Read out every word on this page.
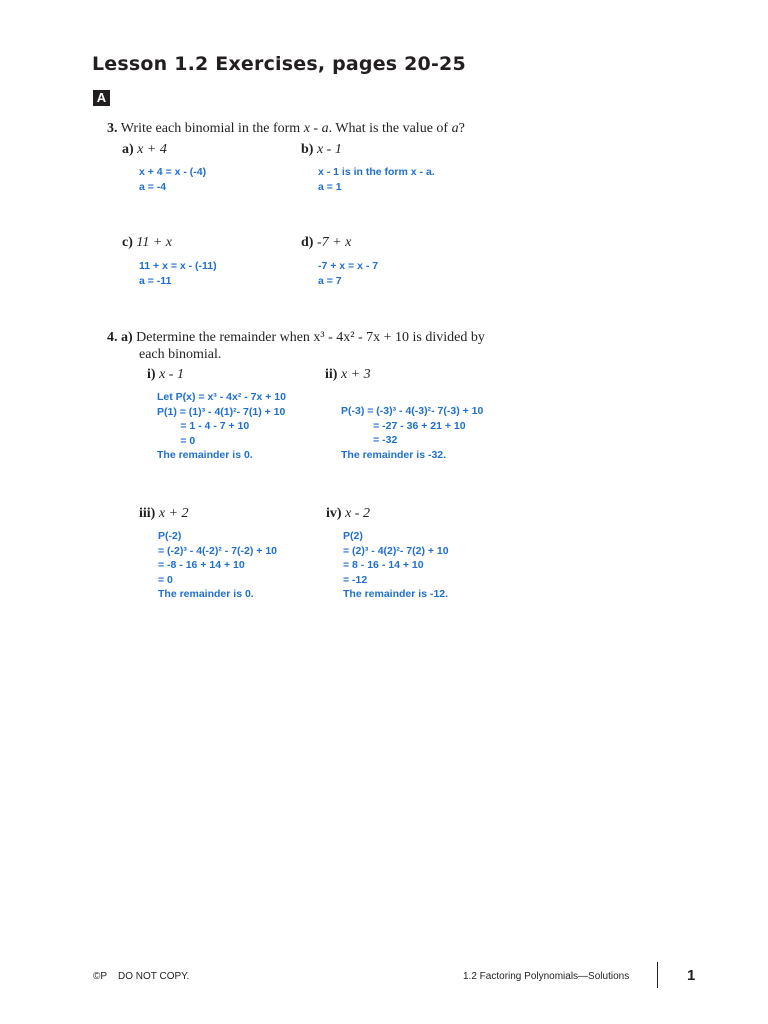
Lesson 1.2 Exercises, pages 20-25
A
3. Write each binomial in the form x - a. What is the value of a?
a) x + 4
x + 4 = x - (-4)
a = -4
b) x - 1
x - 1 is in the form x - a.
a = 1
c) 11 + x
11 + x = x - (-11)
a = -11
d) -7 + x
-7 + x = x - 7
a = 7
4. a) Determine the remainder when x³ - 4x² - 7x + 10 is divided by
each binomial.
i) x - 1
Let P(x) = x³ - 4x² - 7x + 10
P(1) = (1)³ - 4(1)²- 7(1) + 10
= 1 - 4 - 7 + 10
= 0
The remainder is 0.
ii) x + 3
P(-3) = (-3)³ - 4(-3)²- 7(-3) + 10
= -27 - 36 + 21 + 10
= -32
The remainder is -32.
iii) x + 2
P(-2)
= (-2)³ - 4(-2)² - 7(-2) + 10
= -8 - 16 + 14 + 10
= 0
The remainder is 0.
iv) x - 2
P(2)
= (2)³ - 4(2)²- 7(2) + 10
= 8 - 16 - 14 + 10
= -12
The remainder is -12.
©P DO NOT COPY.	1.2 Factoring Polynomials—Solutions	1
